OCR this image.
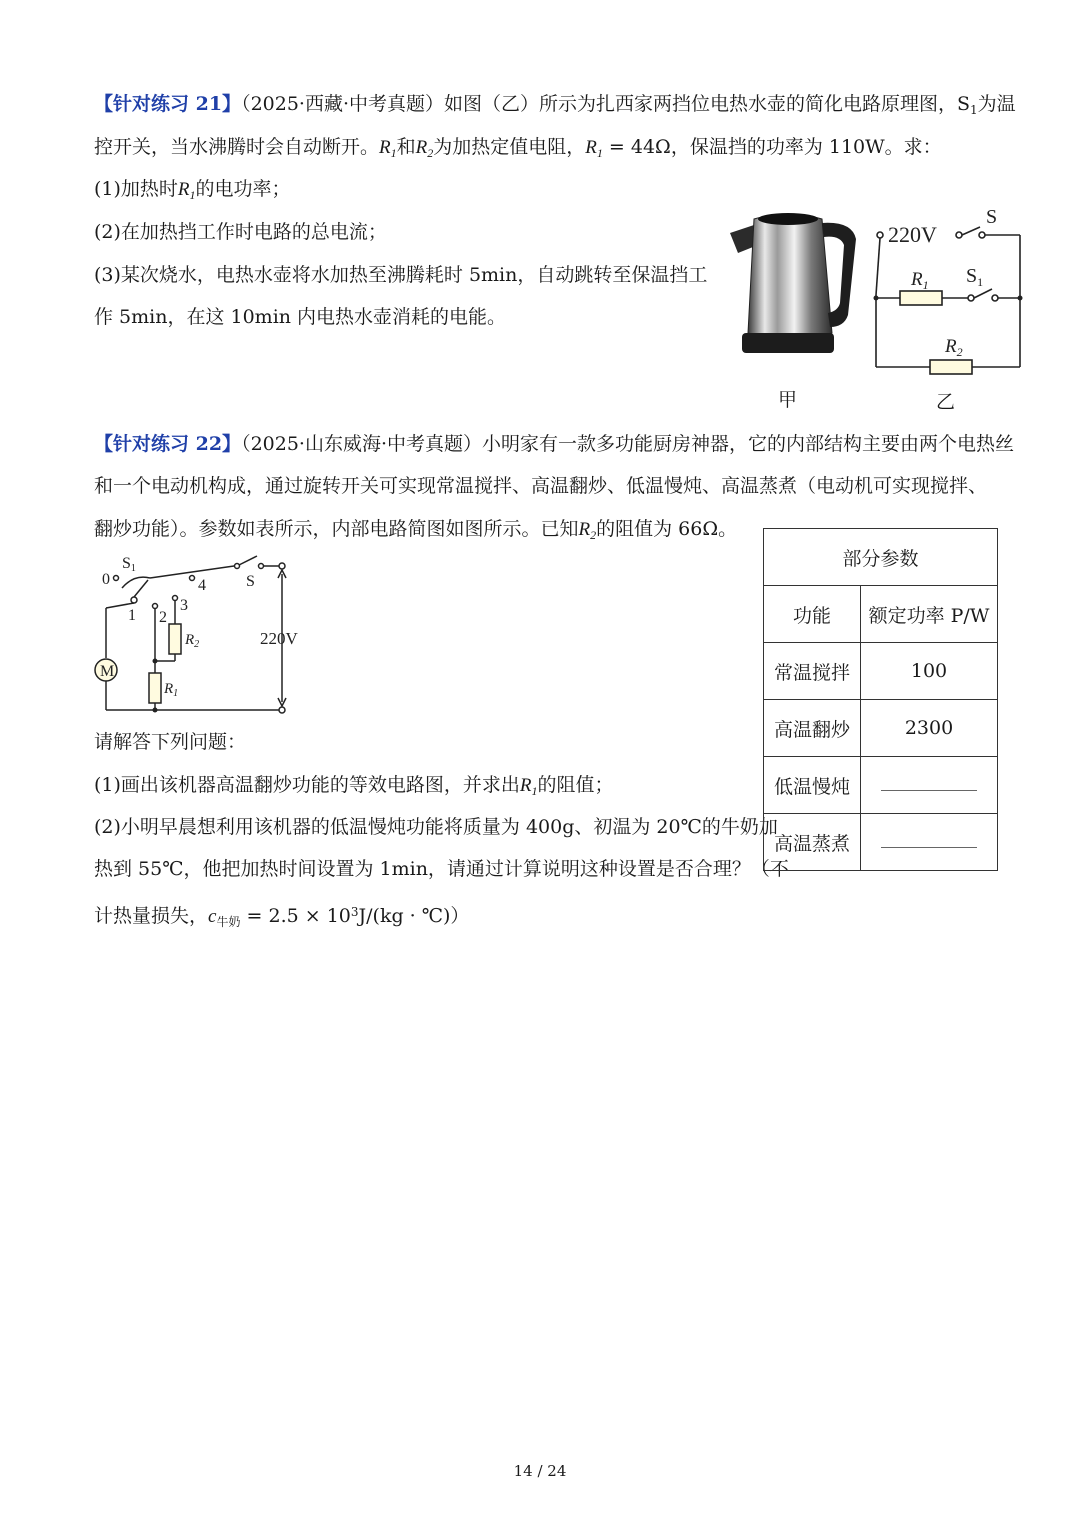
【针对练习 21】（2025·西藏·中考真题）如图（乙）所示为扎西家两挡位电热水壶的简化电路原理图，$S_1$为温
控开关，当水沸腾时会自动断开。$R_1$和$R_2$为加热定值电阻，$R_1 = 44\Omega$，保温挡的功率为 110W。求：
(1)加热时$R_1$的电功率；
(2)在加热挡工作时电路的总电流；
(3)某次烧水，电热水壶将水加热至沸腾耗时 5min，自动跳转至保温挡工
作 5min，在这 10min 内电热水壶消耗的电能。
甲
220V
S
$R_1$ $S_1$
$R_2$
乙
【针对练习 22】（2025·山东威海·中考真题）小明家有一款多功能厨房神器，它的内部结构主要由两个电热丝
和一个电动机构成，通过旋转开关可实现常温搅拌、高温翻炒、低温慢炖、高温蒸煮（电动机可实现搅拌、
翻炒功能）。参数如表所示，内部电路简图如图所示。已知$R_2$的阻值为 66Ω。
S1
0
1 2
3
4	S
$R_2$
$R_1$
M
220V
请解答下列问题：
(1)画出该机器高温翻炒功能的等效电路图，并求出$R_1$的阻值；
(2)小明早晨想利用该机器的低温慢炖功能将质量为 400g、初温为 20℃的牛奶加
热到 55℃，他把加热时间设置为 1min，请通过计算说明这种设置是否合理？（不
计热量损失，$c_{牛奶} = 2.5 \times 10^3J/(kg$ · ℃)）
部分参数	
功能	额定功率 P/W
常温搅拌	100
高温翻炒	2300
低温慢炖	
高温蒸煮	
14 / 24
